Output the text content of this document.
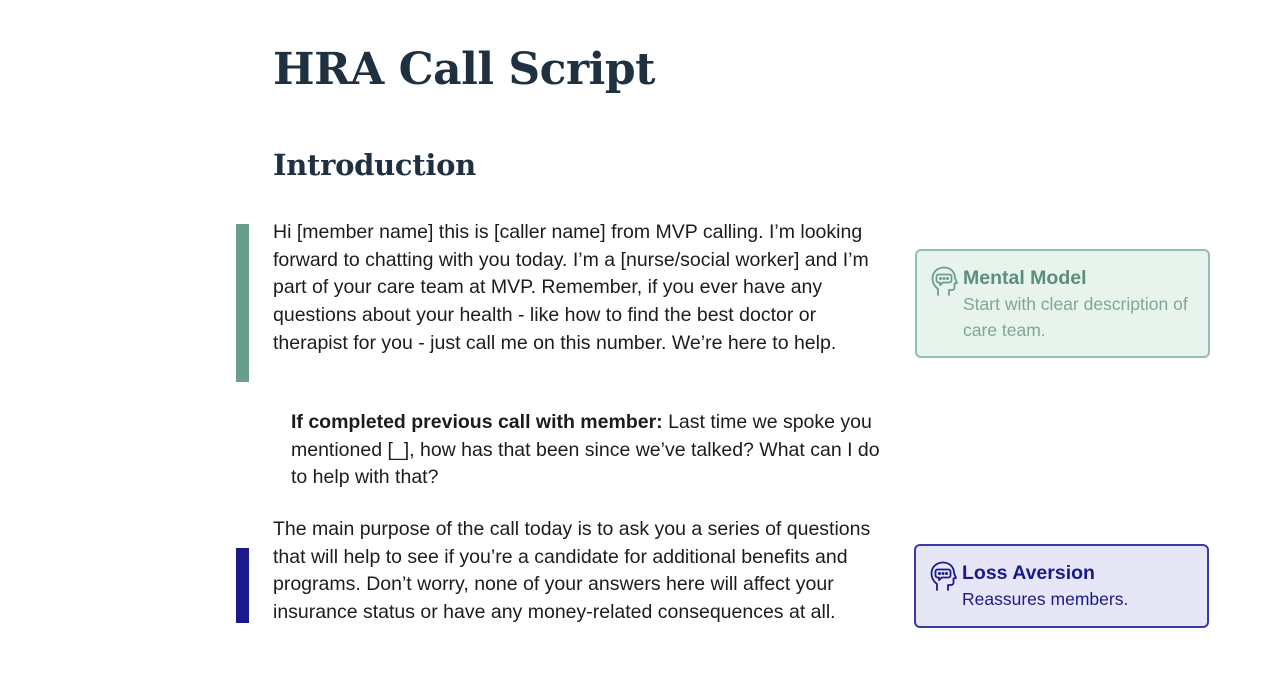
HRA Call Script
Introduction

Hi [member name] this is [caller name] from MVP calling. I’m looking forward to chatting with you today. I’m a [nurse/social worker] and I’m part of your care team at MVP. Remember, if you ever have any questions about your health - like how to find the best doctor or therapist for you - just call me on this number. We’re here to help.

If completed previous call with member: Last time we spoke you mentioned [_], how has that been since we’ve talked? What can I do to help with that?

The main purpose of the call today is to ask you a series of questions that will help to see if you’re a candidate for additional benefits and programs. Don’t worry, none of your answers here will affect your insurance status or have any money-related consequences at all.

Mental Model
Start with clear description of care team.
Loss Aversion
Reassures members.
